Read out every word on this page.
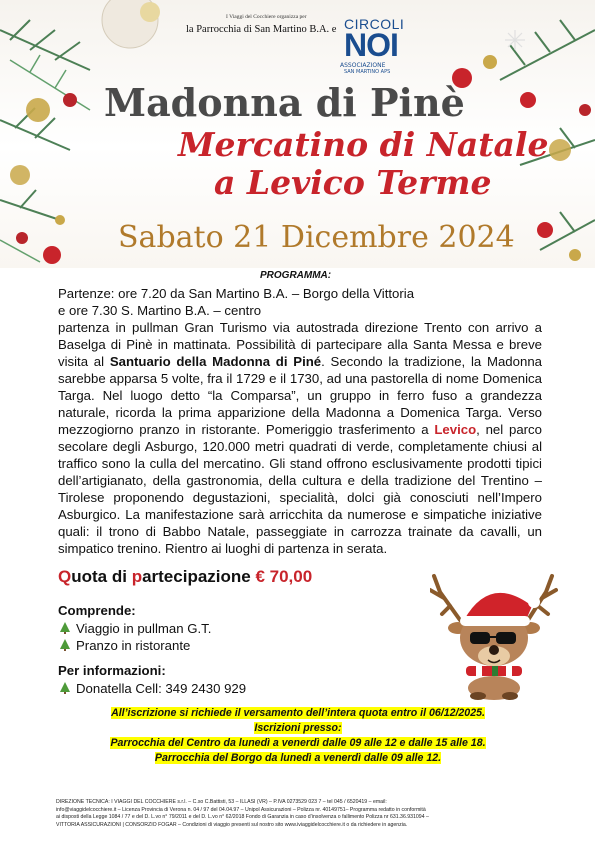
I Viaggi del Cocchiere organizza per
la Parrocchia di San Martino B.A. e CIRCOLI
NOI
ASSOCIAZIONE
SAN MARTINO APS
Madonna di Pinè
Mercatino di Natale
a Levico Terme
Sabato 21 Dicembre 2024
PROGRAMMA:

Partenze: ore 7.20 da San Martino B.A. – Borgo della Vittoria

e ore 7.30 S. Martino B.A. – centro

partenza in pullman Gran Turismo via autostrada direzione Trento con arrivo a Baselga di Pinè in mattinata. Possibilità di partecipare alla Santa Messa e breve visita al Santuario della Madonna di Piné. Secondo la tradizione, la Madonna sarebbe apparsa 5 volte, fra il 1729 e il 1730, ad una pastorella di nome Domenica Targa. Nel luogo detto “la Comparsa”, un gruppo in ferro fuso a grandezza naturale, ricorda la prima apparizione della Madonna a Domenica Targa. Verso mezzogiorno pranzo in ristorante. Pomeriggio trasferimento a Levico, nel parco secolare degli Asburgo, 120.000 metri quadrati di verde, completamente chiusi al traffico sono la culla del mercatino. Gli stand offrono esclusivamente prodotti tipici dell’artigianato, della gastronomia, della cultura e della tradizione del Trentino – Tirolese proponendo degustazioni, specialità, dolci già conosciuti nell’Impero Asburgico. La manifestazione sarà arricchita da numerose e simpatiche iniziative quali: il trono di Babbo Natale, passeggiate in carrozza trainate da cavalli, un simpatico trenino. Rientro ai luoghi di partenza in serata.

Quota di partecipazione € 70,00
Comprende:
Viaggio in pullman G.T.
Pranzo in ristorante
Per informazioni:
Donatella Cell: 349 2430 929
All’iscrizione si richiede il versamento dell’intera quota entro il 06/12/2025.
Iscrizioni presso:
Parrocchia del Centro da lunedì a venerdì dalle 09 alle 12 e dalle 15 alle 18.
Parrocchia del Borgo da lunedì a venerdì dalle 09 alle 12.

DIREZIONE TECNICA: I VIAGGI DEL COCCHIERE s.r.l. – C.so C.Battisti, 53 – ILLASI (VR) – P.IVA 0273529 023 7 – tel 045 / 6520419 – email:

info@viaggidelcocchiere.it – Licenza Provincia di Verona n. 04 / 97 del 04.04.97 – Unipol Assicurazioni – Polizza nr. 40149751– Programma redatto in conformità

ai disposti della Legge 1084 / 77 e del D. L.vo n° 79/2011 e del D. L.vo n° 62/2018 Fondo di Garanzia in caso d’insolvenza o fallimento Polizza nr 631.36.931094 –

VITTORIA ASSICURAZIONI | CONSORZIO FOGAR – Condizioni di viaggio presenti sul nostro sito www.iviaggidelcocchiere.it o da richiedere in agenzia.
